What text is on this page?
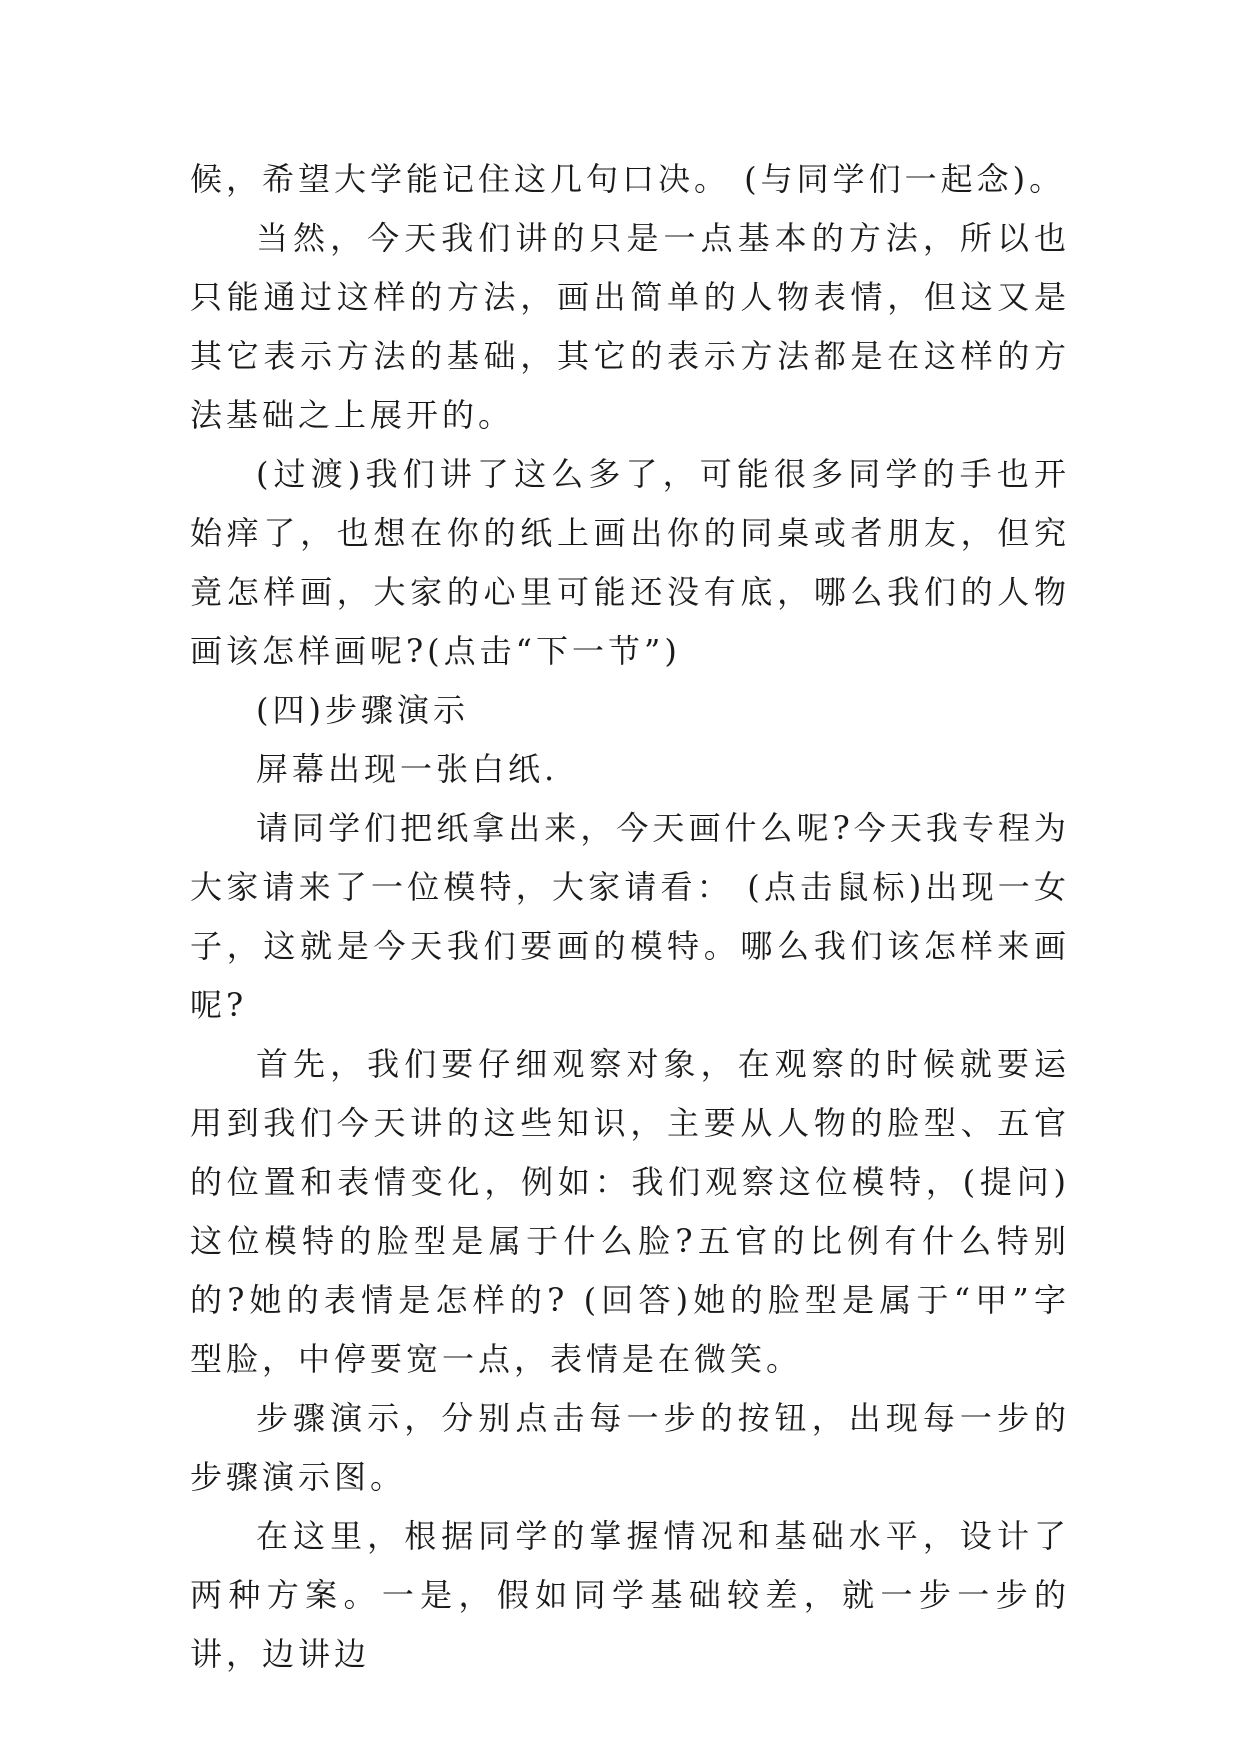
候，希望大学能记住这几句口决。 (与同学们一起念)。

当然，今天我们讲的只是一点基本的方法，所以也只能通过这样的方法，画出简单的人物表情，但这又是其它表示方法的基础，其它的表示方法都是在这样的方法基础之上展开的。

(过渡)我们讲了这么多了，可能很多同学的手也开始痒了，也想在你的纸上画出你的同桌或者朋友，但究竟怎样画，大家的心里可能还没有底，哪么我们的人物画该怎样画呢?(点击“下一节”)

(四)步骤演示

屏幕出现一张白纸.

请同学们把纸拿出来，今天画什么呢?今天我专程为大家请来了一位模特，大家请看： (点击鼠标)出现一女子，这就是今天我们要画的模特。哪么我们该怎样来画呢?

首先，我们要仔细观察对象，在观察的时候就要运用到我们今天讲的这些知识，主要从人物的脸型、五官的位置和表情变化，例如：我们观察这位模特，(提问)这位模特的脸型是属于什么脸?五官的比例有什么特别的?她的表情是怎样的? (回答)她的脸型是属于“甲”字型脸，中停要宽一点，表情是在微笑。

步骤演示，分别点击每一步的按钮，出现每一步的步骤演示图。

在这里，根据同学的掌握情况和基础水平，设计了两种方案。一是，假如同学基础较差，就一步一步的讲，边讲边
